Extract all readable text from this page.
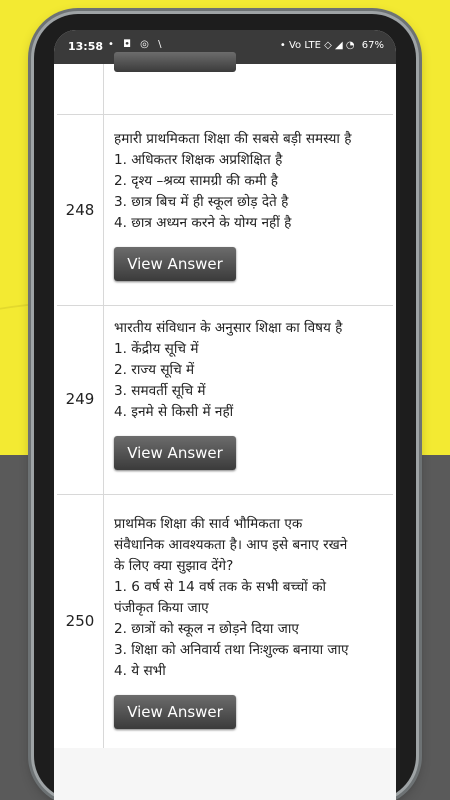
13:58 • ◘ ◎ \	• Vo LTE ◇ ◢ ◔ 67%
248
हमारी प्राथमिकता शिक्षा की सबसे बड़ी समस्या है
1. अधिकतर शिक्षक अप्रशिक्षित है
2. दृश्य –श्रव्य सामग्री की कमी है
3. छात्र बिच में ही स्कूल छोड़ देते है
4. छात्र अध्यन करने के योग्य नहीं है
View Answer
249
भारतीय संविधान के अनुसार शिक्षा का विषय है
1. केंद्रीय सूचि में
2. राज्य सूचि में
3. समवर्ती सूचि में
4. इनमे से किसी में नहीं
View Answer
250
प्राथमिक शिक्षा की सार्व भौमिकता एक
संवैधानिक आवश्यकता है। आप इसे बनाए रखने
के लिए क्या सुझाव देंगे?
1. 6 वर्ष से 14 वर्ष तक के सभी बच्चों को
पंजीकृत किया जाए
2. छात्रों को स्कूल न छोड़ने दिया जाए
3. शिक्षा को अनिवार्य तथा निःशुल्क बनाया जाए
4. ये सभी
View Answer
